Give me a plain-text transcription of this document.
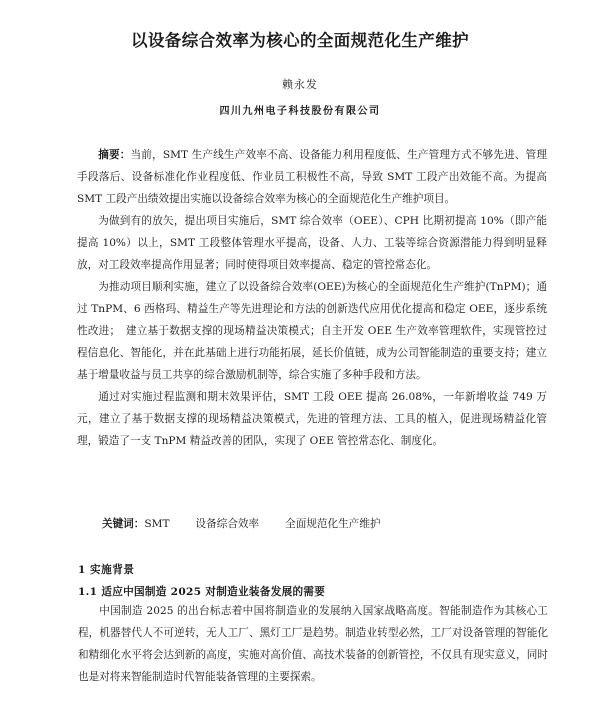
以设备综合效率为核心的全面规范化生产维护
赖永发
四川九州电子科技股份有限公司

摘要：当前，SMT 生产线生产效率不高、设备能力利用程度低、生产管理方式不够先进、管理手段落后、设备标准化作业程度低、作业员工积极性不高，导致 SMT 工段产出效能不高。为提高 SMT 工段产出绩效提出实施以设备综合效率为核心的全面规范化生产维护项目。

为做到有的放矢，提出项目实施后，SMT 综合效率（OEE）、CPH 比期初提高 10%（即产能提高 10%）以上，SMT 工段整体管理水平提高，设备、人力、工装等综合资源潜能力得到明显释放，对工段效率提高作用显著；同时使得项目效率提高、稳定的管控常态化。

为推动项目顺利实施，建立了以设备综合效率(OEE)为核心的全面规范化生产维护(TnPM)；通过 TnPM、6 西格玛、精益生产等先进理论和方法的创新迭代应用优化提高和稳定 OEE，逐步系统性改进；　建立基于数据支撑的现场精益决策模式；自主开发 OEE 生产效率管理软件，实现管控过程信息化、智能化，并在此基础上进行功能拓展，延长价值链，成为公司智能制造的重要支持；建立基于增量收益与员工共享的综合激励机制等，综合实施了多种手段和方法。

通过对实施过程监测和期末效果评估，SMT 工段 OEE 提高 26.08%，一年新增收益 749 万元，建立了基于数据支撑的现场精益决策模式，先进的管理方法、工具的植入，促进现场精益化管理，锻造了一支 TnPM 精益改善的团队，实现了 OEE 管控常态化、制度化。

关键词：SMT 设备综合效率 全面规范化生产维护
1 实施背景
1.1 适应中国制造 2025 对制造业装备发展的需要

中国制造 2025 的出台标志着中国将制造业的发展纳入国家战略高度。智能制造作为其核心工程，机器替代人不可逆转，无人工厂、黑灯工厂是趋势。制造业转型必然，工厂对设备管理的智能化和精细化水平将会达到新的高度，实施对高价值、高技术装备的创新管控，不仅具有现实意义，同时也是对将来智能制造时代智能装备管理的主要探索。
